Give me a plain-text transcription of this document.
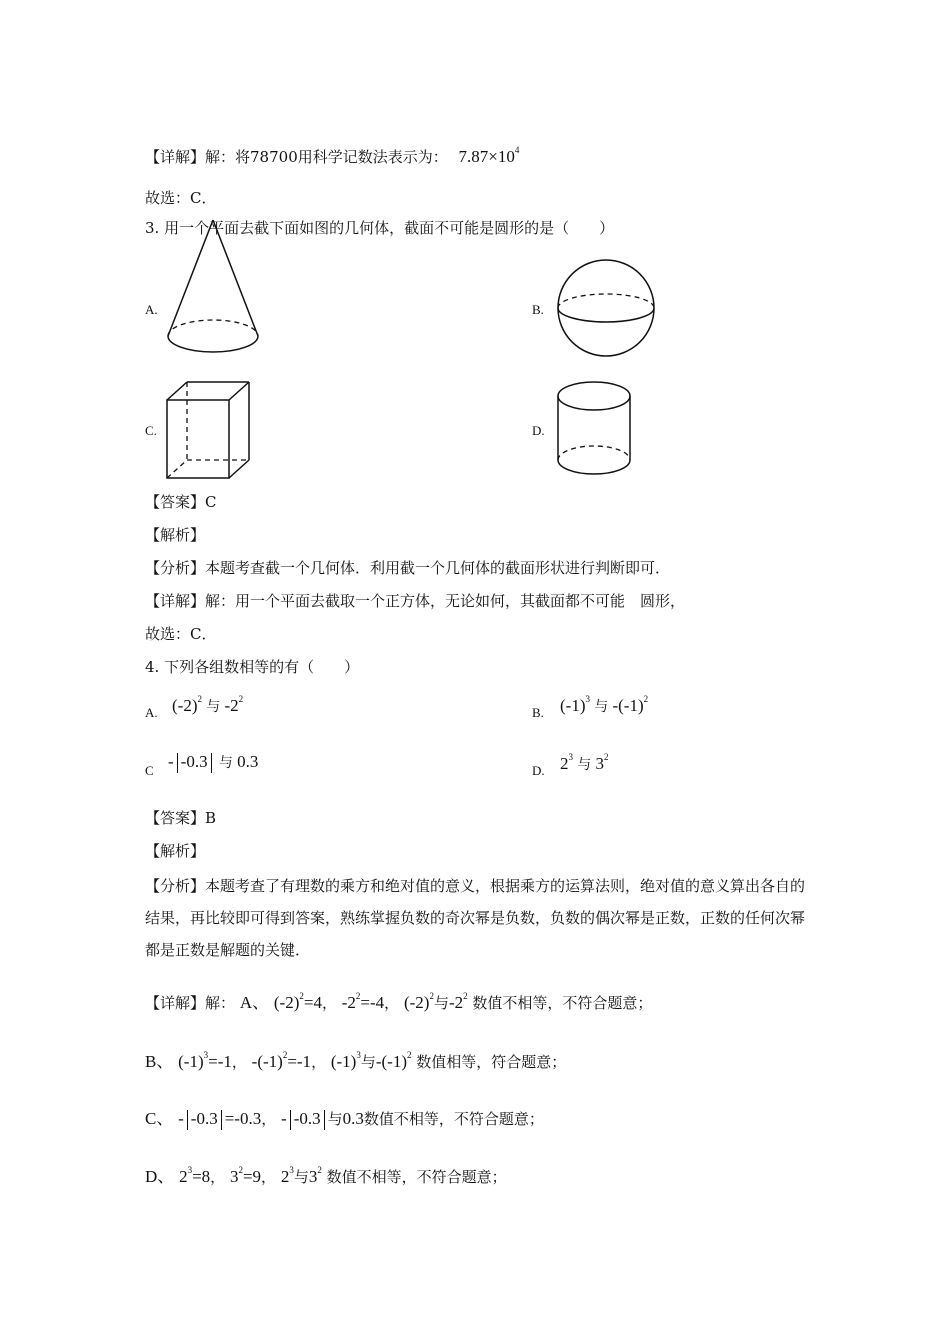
【详解】解：将78700用科学记数法表示为： $7.87\times 10^4$
故选：C．
3. 用一个平面去截下面如图的几何体，截面不可能是圆形的是（　　）
A.	B.
C.	D.
【答案】C
【解析】
【分析】本题考查截一个几何体．利用截一个几何体的截面形状进行判断即可．
【详解】解：用一个平面去截取一个正方体，无论如何，其截面都不可能　圆形，
故选：C．
4. 下列各组数相等的有（　　）
A. $(-2)^2$ 与 $-2^2$
B. $(-1)^3$ 与 $-(-1)^2$
C - -0.3 与 0.3	D. $2^3$ 与 $3^2$
【答案】B
【解析】
【分析】本题考查了有理数的乘方和绝对值的意义，根据乘方的运算法则，绝对值的意义算出各自的结果，再比较即可得到答案，熟练掌握负数的奇次幂是负数，负数的偶次幂是正数，正数的任何次幂都是正数是解题的关键．
【详解】解： A、 $(-2)^2=4$， $-2^2=-4$， $(-2)^2$与$-2^2$ 数值不相等，不符合题意；
B、 $(-1)^3=-1$， $-(-1)^2=-1$， $(-1)^3$与$-(-1)^2$ 数值相等，符合题意；
C、 - -0.3 =-0.3， - -0.3 与0.3数值不相等，不符合题意；
D、 $2^3=8$， $3^2=9$， $2^3$与$3^2$ 数值不相等，不符合题意；
